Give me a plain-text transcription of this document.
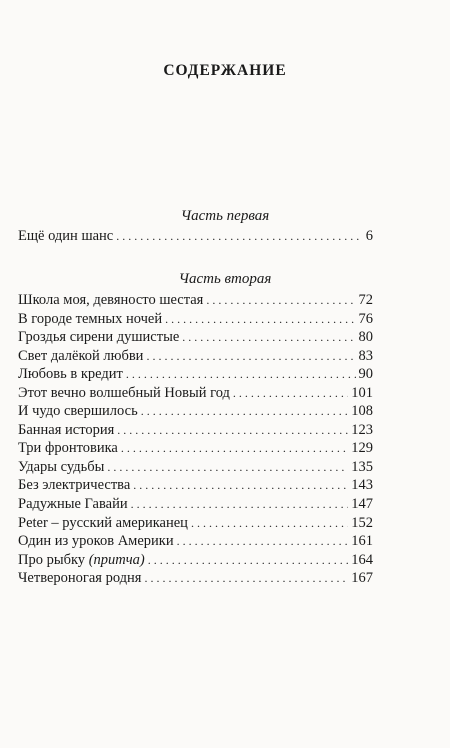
СОДЕРЖАНИЕ
Часть первая
Ещё один шанс . . .	6
Часть вторая
Школа моя, девяносто шестая . . .	72
В городе темных ночей . . .	76
Гроздья сирени душистые . . .	80
Свет далёкой любви . . .	83
Любовь в кредит . . .	90
Этот вечно волшебный Новый год . . .	101
И чудо свершилось . . .	108
Банная история . . .	123
Три фронтовика . . .	129
Удары судьбы . . .	135
Без электричества . . .	143
Радужные Гавайи . . .	147
Peter – русский американец . . .	152
Один из уроков Америки . . .	161
Про рыбку (притча) . . .	164
Четвероногая родня . . .	167
